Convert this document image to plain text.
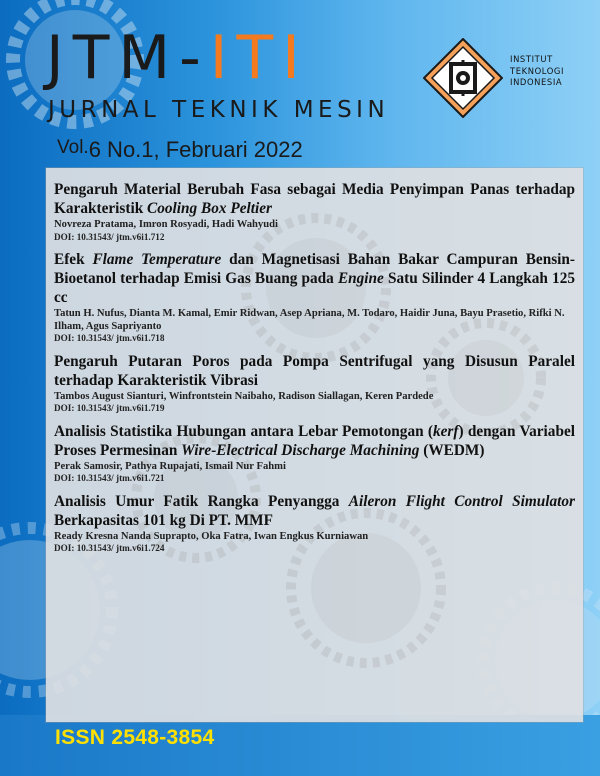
JTM-ITI
JURNAL TEKNIK MESIN
Vol.6 No.1, Februari 2022
INSTITUT
TEKNOLOGI
INDONESIA
Pengaruh Material Berubah Fasa sebagai Media Penyimpan Panas terhadap Karakteristik Cooling Box Peltier
Novreza Pratama, Imron Rosyadi, Hadi Wahyudi
DOI: 10.31543/ jtm.v6i1.712
Efek Flame Temperature dan Magnetisasi Bahan Bakar Campuran Bensin-Bioetanol terhadap Emisi Gas Buang pada Engine Satu Silinder 4 Langkah 125 cc
Tatun H. Nufus, Dianta M. Kamal, Emir Ridwan, Asep Apriana, M. Todaro, Haidir Juna, Bayu Prasetio, Rifki N. Ilham, Agus Sapriyanto
DOI: 10.31543/ jtm.v6i1.718
Pengaruh Putaran Poros pada Pompa Sentrifugal yang Disusun Paralel terhadap Karakteristik Vibrasi
Tambos August Sianturi, Winfrontstein Naibaho, Radison Siallagan, Keren Pardede
DOI: 10.31543/ jtm.v6i1.719
Analisis Statistika Hubungan antara Lebar Pemotongan (kerf) dengan Variabel Proses Permesinan Wire-Electrical Discharge Machining (WEDM)
Perak Samosir, Pathya Rupajati, Ismail Nur Fahmi
DOI: 10.31543/ jtm.v6i1.721
Analisis Umur Fatik Rangka Penyangga Aileron Flight Control Simulator Berkapasitas 101 kg Di PT. MMF
Ready Kresna Nanda Suprapto, Oka Fatra, Iwan Engkus Kurniawan
DOI: 10.31543/ jtm.v6i1.724
ISSN 2548-3854
